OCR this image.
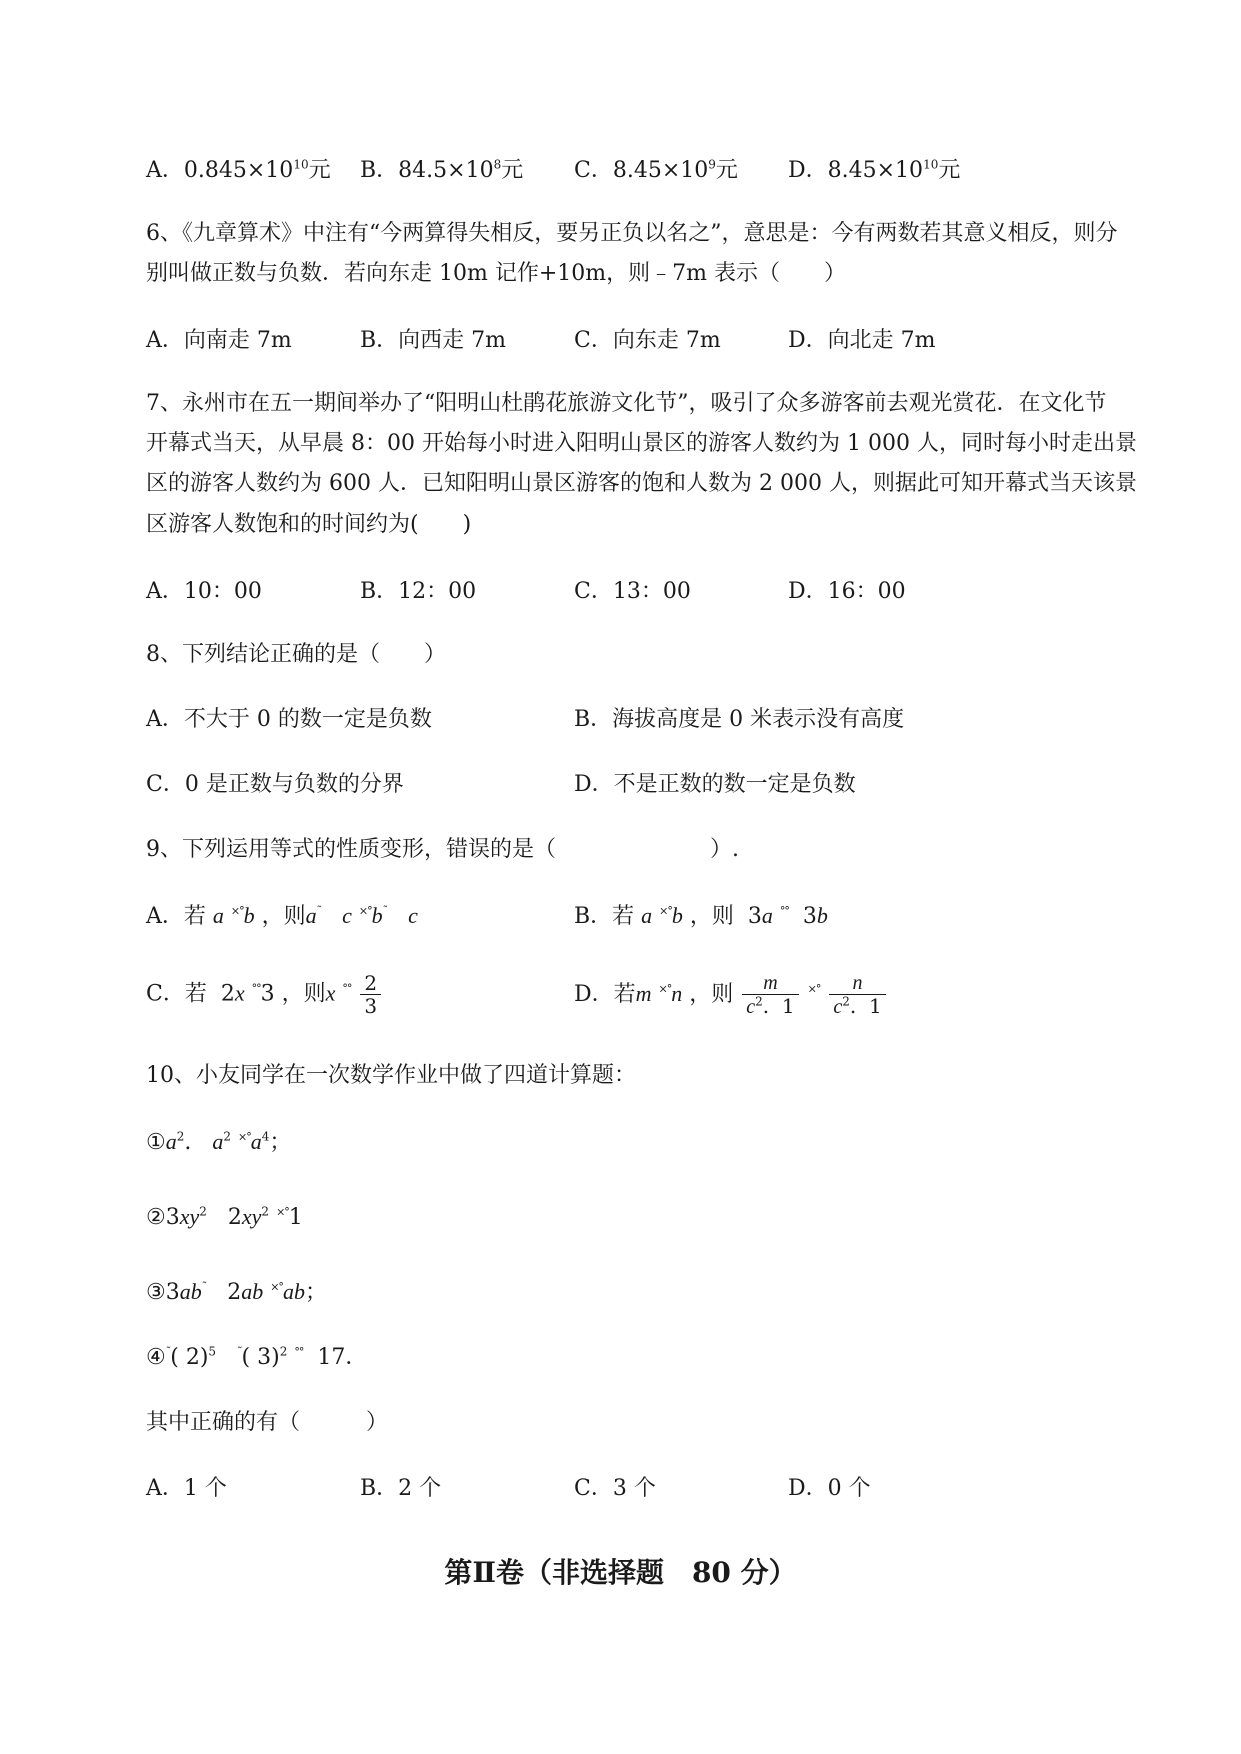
A．$0.845\times 10^{10}$元 B．$84.5\times 10^8$元 C．$8.45\times 10^9$元 D．$8.45\times 10^{10}$元
6、《九章算术》中注有“今两算得失相反，要另正负以名之”，意思是：今有两数若其意义相反，则分
别叫做正数与负数．若向东走 10m 记作+10m，则﹣7m 表示（　　）
A．向南走 7m	B．向西走 7m	C．向东走 7m	D．向北走 7m
7、永州市在五一期间举办了“阳明山杜鹃花旅游文化节”，吸引了众多游客前去观光赏花．在文化节
开幕式当天，从早晨 8：00 开始每小时进入阳明山景区的游客人数约为 1 000 人，同时每小时走出景
区的游客人数约为 600 人．已知阳明山景区游客的饱和人数为 2 000 人，则据此可知开幕式当天该景
区游客人数饱和的时间约为(　　)
A．10：00	B．12：00	C．13：00	D．16：00
8、下列结论正确的是（　　）
A．不大于 0 的数一定是负数	B．海拔高度是 0 米表示没有高度
C．0 是正数与负数的分界	D．不是正数的数一定是负数
9、下列运用等式的性质变形，错误的是（　　　　　　　）.
A．若 a ×°b ，则a˜ c ×°b˜ c	B．若 a ×°b ，则 3a °° 3b
C．若 2x °°3 ，则x $^{^\circ^\circ} \frac{2}{3}$	D．若m ×°n ，则 $\frac{m}{c^2. 1} ^{\times^\circ} \frac{n}{c^2. 1}$
10、小友同学在一次数学作业中做了四道计算题：
$①a^2$. $a^2$ $^{\times^\circ}a^4$；
$②3xy^2$ $2xy^2$ ×°1
③3ab˜ 2ab ×°ab；
④˜( 2)$^5$ ˜( 3)$^2$ °° 17．
其中正确的有（　　　）
A．1 个	B．2 个	C．3 个	D．0 个
第Ⅱ卷（非选择题　80 分）
